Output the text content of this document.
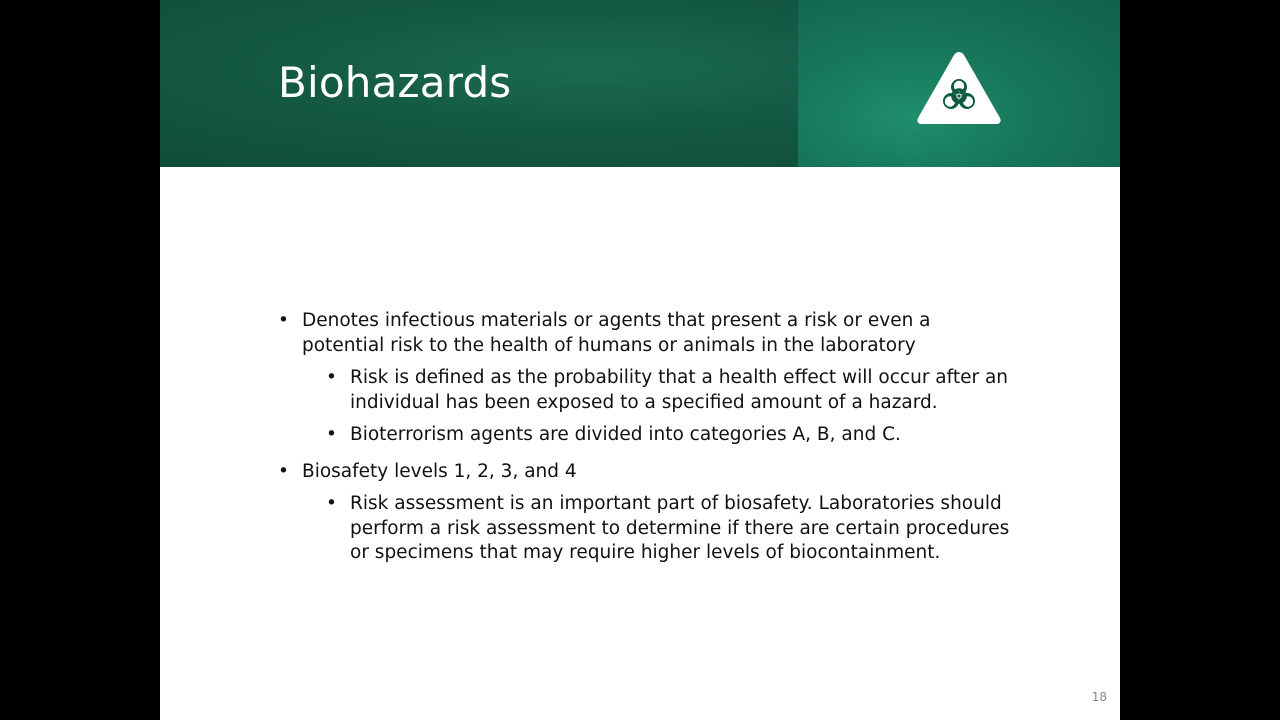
Biohazards
• Denotes infectious materials or agents that present a risk or even a potential risk to the health of humans or animals in the laboratory
• Risk is defined as the probability that a health effect will occur after an individual has been exposed to a specified amount of a hazard.
• Bioterrorism agents are divided into categories A, B, and C.
• Biosafety levels 1, 2, 3, and 4
• Risk assessment is an important part of biosafety. Laboratories should perform a risk assessment to determine if there are certain procedures or specimens that may require higher levels of biocontainment.
18
